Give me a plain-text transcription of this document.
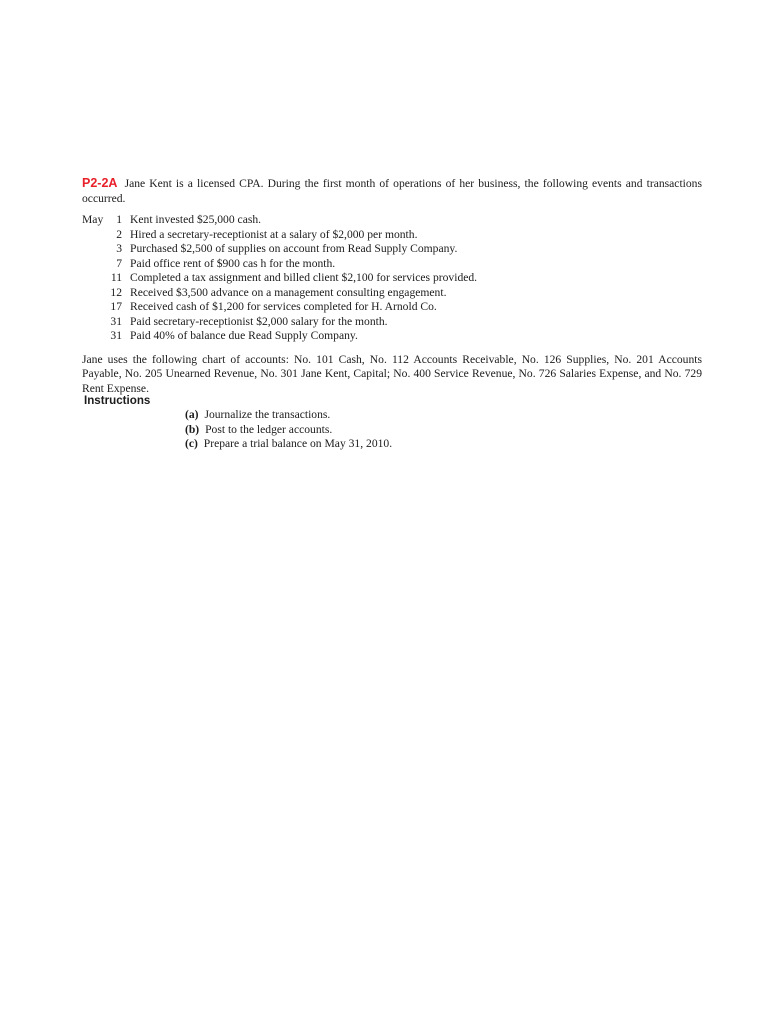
P2-2A Jane Kent is a licensed CPA. During the first month of operations of her business, the following events and transactions occurred.

May	1 Kent invested $25,000 cash.
2 Hired a secretary-receptionist at a salary of $2,000 per month.
3 Purchased $2,500 of supplies on account from Read Supply Company.
7 Paid office rent of $900 cas h for the month.
11 Completed a tax assignment and billed client $2,100 for services provided.
12 Received $3,500 advance on a management consulting engagement.
17 Received cash of $1,200 for services completed for H. Arnold Co.
31 Paid secretary-receptionist $2,000 salary for the month.
31 Paid 40% of balance due Read Supply Company.

Jane uses the following chart of accounts: No. 101 Cash, No. 112 Accounts Receivable, No. 126 Supplies, No. 201 Accounts Payable, No. 205 Unearned Revenue, No. 301 Jane Kent, Capital; No. 400 Service Revenue, No. 726 Salaries Expense, and No. 729 Rent Expense.

Instructions
(a) Journalize the transactions.
(b) Post to the ledger accounts.
(c) Prepare a trial balance on May 31, 2010.
